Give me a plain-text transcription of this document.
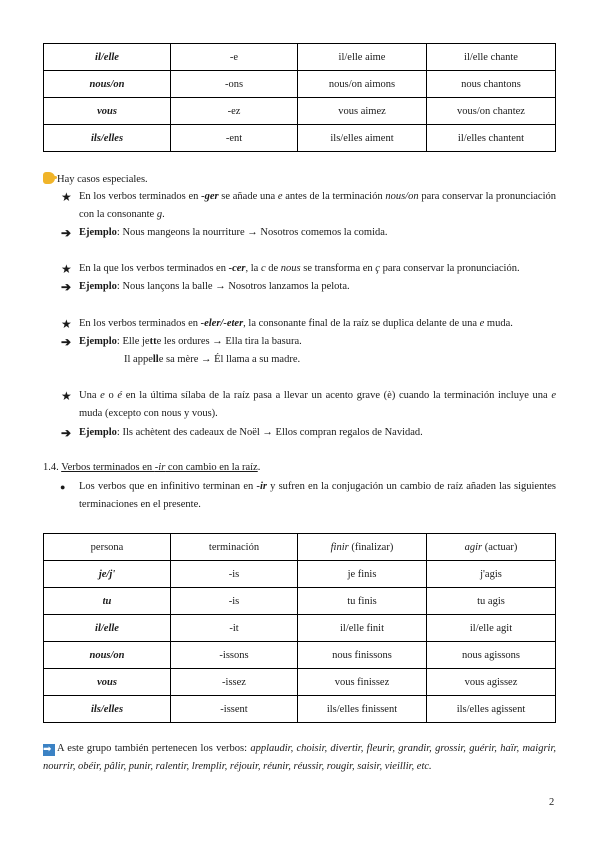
il/elle	-e	il/elle aime	il/elle chante
nous/on	-ons	nous/on aimons	nous chantons
vous	-ez	vous aimez	vous/on chantez
ils/elles	-ent	ils/elles aiment	il/elles chantent
Hay casos especiales.
★ En los verbos terminados en -ger se añade una e antes de la terminación nous/on para conservar la pronunciación con la consonante g.
➔ Ejemplo: Nous mangeons la nourriture → Nosotros comemos la comida.
★ En la que los verbos terminados en -cer, la c de nous se transforma en ç para conservar la pronunciación.
➔ Ejemplo: Nous lançons la balle → Nosotros lanzamos la pelota.
★ En los verbos terminados en -eler/-eter, la consonante final de la raíz se duplica delante de una e muda.
➔ Ejemplo: Elle jette les ordures → Ella tira la basura.
Il appelle sa mère → Él llama a su madre.
★ Una e o é en la última sílaba de la raíz pasa a llevar un acento grave (è) cuando la terminación incluye una e muda (excepto con nous y vous).
➔ Ejemplo: Ils achètent des cadeaux de Noël → Ellos compran regalos de Navidad.
1.4. Verbos terminados en -ir con cambio en la raíz.
● Los verbos que en infinitivo terminan en -ir y sufren en la conjugación un cambio de raíz añaden las siguientes terminaciones en el presente.
persona	terminación	finir (finalizar)	agir (actuar)
je/j'	-is	je finis	j'agis
tu	-is	tu finis	tu agis
il/elle	-it	il/elle finit	il/elle agit
nous/on	-issons	nous finissons	nous agissons
vous	-issez	vous finissez	vous agissez
ils/elles	-issent	ils/elles finissent	ils/elles agissent
➡ A este grupo también pertenecen los verbos: applaudir, choisir, divertir, fleurir, grandir, grossir, guérir, haïr, maigrir, nourrir, obéir, pâlir, punir, ralentir, lremplir, réjouir, réunir, réussir, rougir, saisir, vieillir, etc.
2
